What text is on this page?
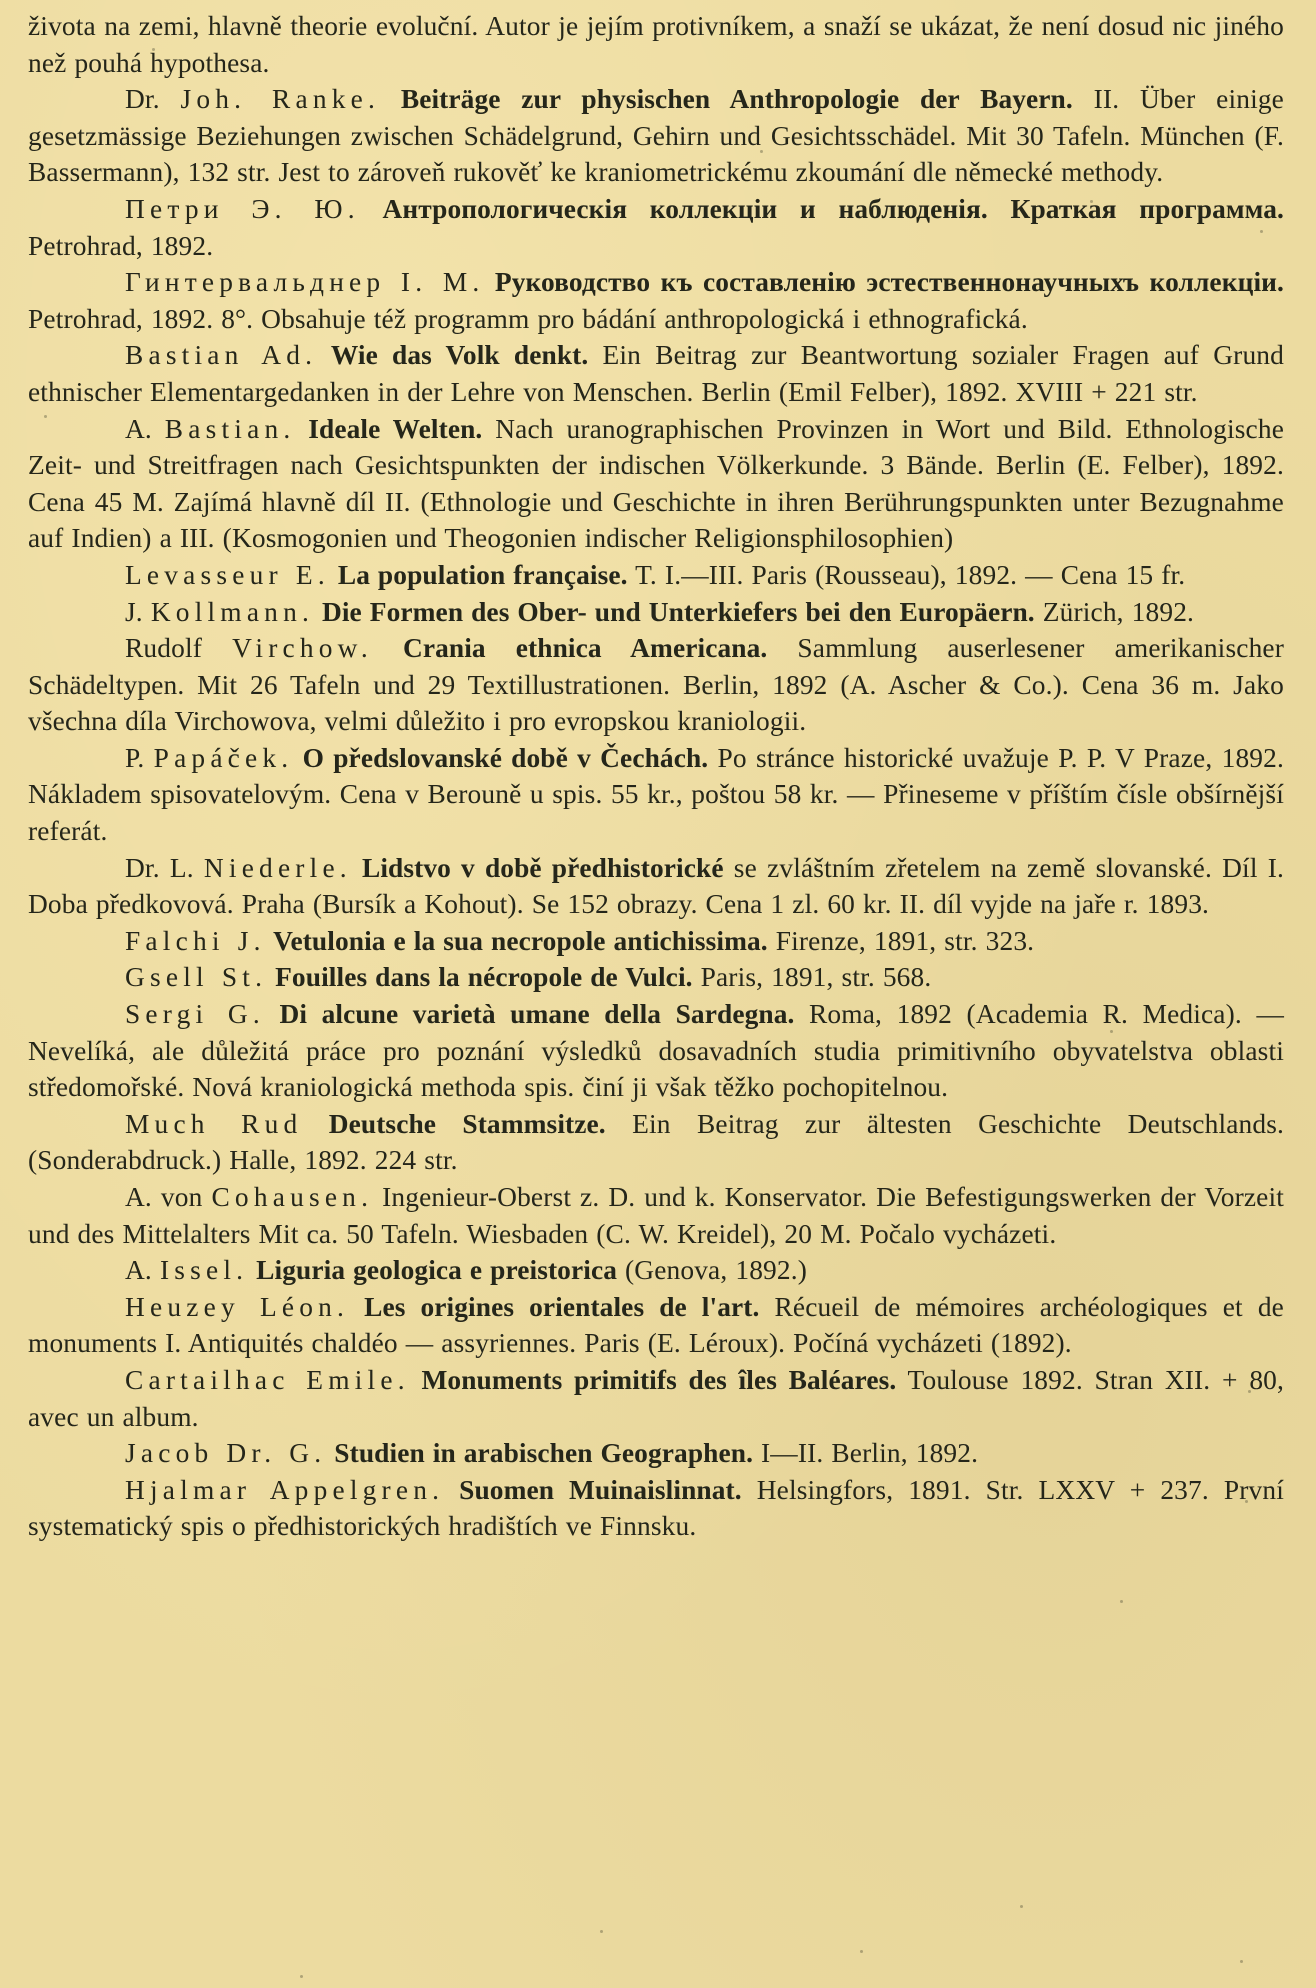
života na zemi, hlavně theorie evoluční. Autor je jejím protivníkem, a snaží se ukázat, že není dosud nic jiného než pouhá hypothesa.

Dr. Joh. Ranke. Beiträge zur physischen Anthropologie der Bayern. II. Über einige gesetzmässige Beziehungen zwischen Schädelgrund, Gehirn und Gesichtsschädel. Mit 30 Tafeln. München (F. Bassermann), 132 str. Jest to zároveň rukověť ke kraniometrickému zkoumání dle německé methody.

Петри Э. Ю. Антропологическія коллекціи и наблюденія. Краткая программа. Petrohrad, 1892.

Гинтервальднер I. M. Руководство къ составленію эстественнонаучныхъ коллекціи. Petrohrad, 1892. 8°. Obsahuje též programm pro bádání anthropologická i ethnografická.

Bastian Ad. Wie das Volk denkt. Ein Beitrag zur Beantwortung sozialer Fragen auf Grund ethnischer Elementargedanken in der Lehre von Menschen. Berlin (Emil Felber), 1892. XVIII + 221 str.

A. Bastian. Ideale Welten. Nach uranographischen Provinzen in Wort und Bild. Ethnologische Zeit- und Streitfragen nach Gesichtspunkten der indischen Völkerkunde. 3 Bände. Berlin (E. Felber), 1892. Cena 45 M. Zajímá hlavně díl II. (Ethnologie und Geschichte in ihren Berührungspunkten unter Bezugnahme auf Indien) a III. (Kosmogonien und Theogonien indischer Religionsphilosophien)

Levasseur E. La population française. T. I.—III. Paris (Rousseau), 1892. — Cena 15 fr.

J. Kollmann. Die Formen des Ober- und Unterkiefers bei den Europäern. Zürich, 1892.

Rudolf Virchow. Crania ethnica Americana. Sammlung auserlesener amerikanischer Schädeltypen. Mit 26 Tafeln und 29 Textillustrationen. Berlin, 1892 (A. Ascher & Co.). Cena 36 m. Jako všechna díla Virchowova, velmi důležito i pro evropskou kraniologii.

P. Papáček. O předslovanské době v Čechách. Po stránce historické uvažuje P. P. V Praze, 1892. Nákladem spisovatelovým. Cena v Berouně u spis. 55 kr., poštou 58 kr. — Přineseme v příštím čísle obšírnější referát.

Dr. L. Niederle. Lidstvo v době předhistorické se zvláštním zřetelem na země slovanské. Díl I. Doba předkovová. Praha (Bursík a Kohout). Se 152 obrazy. Cena 1 zl. 60 kr. II. díl vyjde na jaře r. 1893.

Falchi J. Vetulonia e la sua necropole antichissima. Firenze, 1891, str. 323.

Gsell St. Fouilles dans la nécropole de Vulci. Paris, 1891, str. 568.

Sergi G. Di alcune varietà umane della Sardegna. Roma, 1892 (Academia R. Medica). — Nevelíká, ale důležitá práce pro poznání výsledků dosavadních studia primitivního obyvatelstva oblasti středomořské. Nová kraniologická methoda spis. činí ji však těžko pochopitelnou.

Much Rud Deutsche Stammsitze. Ein Beitrag zur ältesten Geschichte Deutschlands. (Sonderabdruck.) Halle, 1892. 224 str.

A. von Cohausen. Ingenieur-Oberst z. D. und k. Konservator. Die Befestigungswerken der Vorzeit und des Mittelalters Mit ca. 50 Tafeln. Wiesbaden (C. W. Kreidel), 20 M. Počalo vycházeti.

A. Issel. Liguria geologica e preistorica (Genova, 1892.)

Heuzey Léon. Les origines orientales de l'art. Récueil de mémoires archéologiques et de monuments I. Antiquités chaldéo — assyriennes. Paris (E. Léroux). Počíná vycházeti (1892).

Cartailhac Emile. Monuments primitifs des îles Baléares. Toulouse 1892. Stran XII. + 80, avec un album.

Jacob Dr. G. Studien in arabischen Geographen. I—II. Berlin, 1892.

Hjalmar Appelgren. Suomen Muinaislinnat. Helsingfors, 1891. Str. LXXV + 237. První systematický spis o předhistorických hradištích ve Finnsku.
